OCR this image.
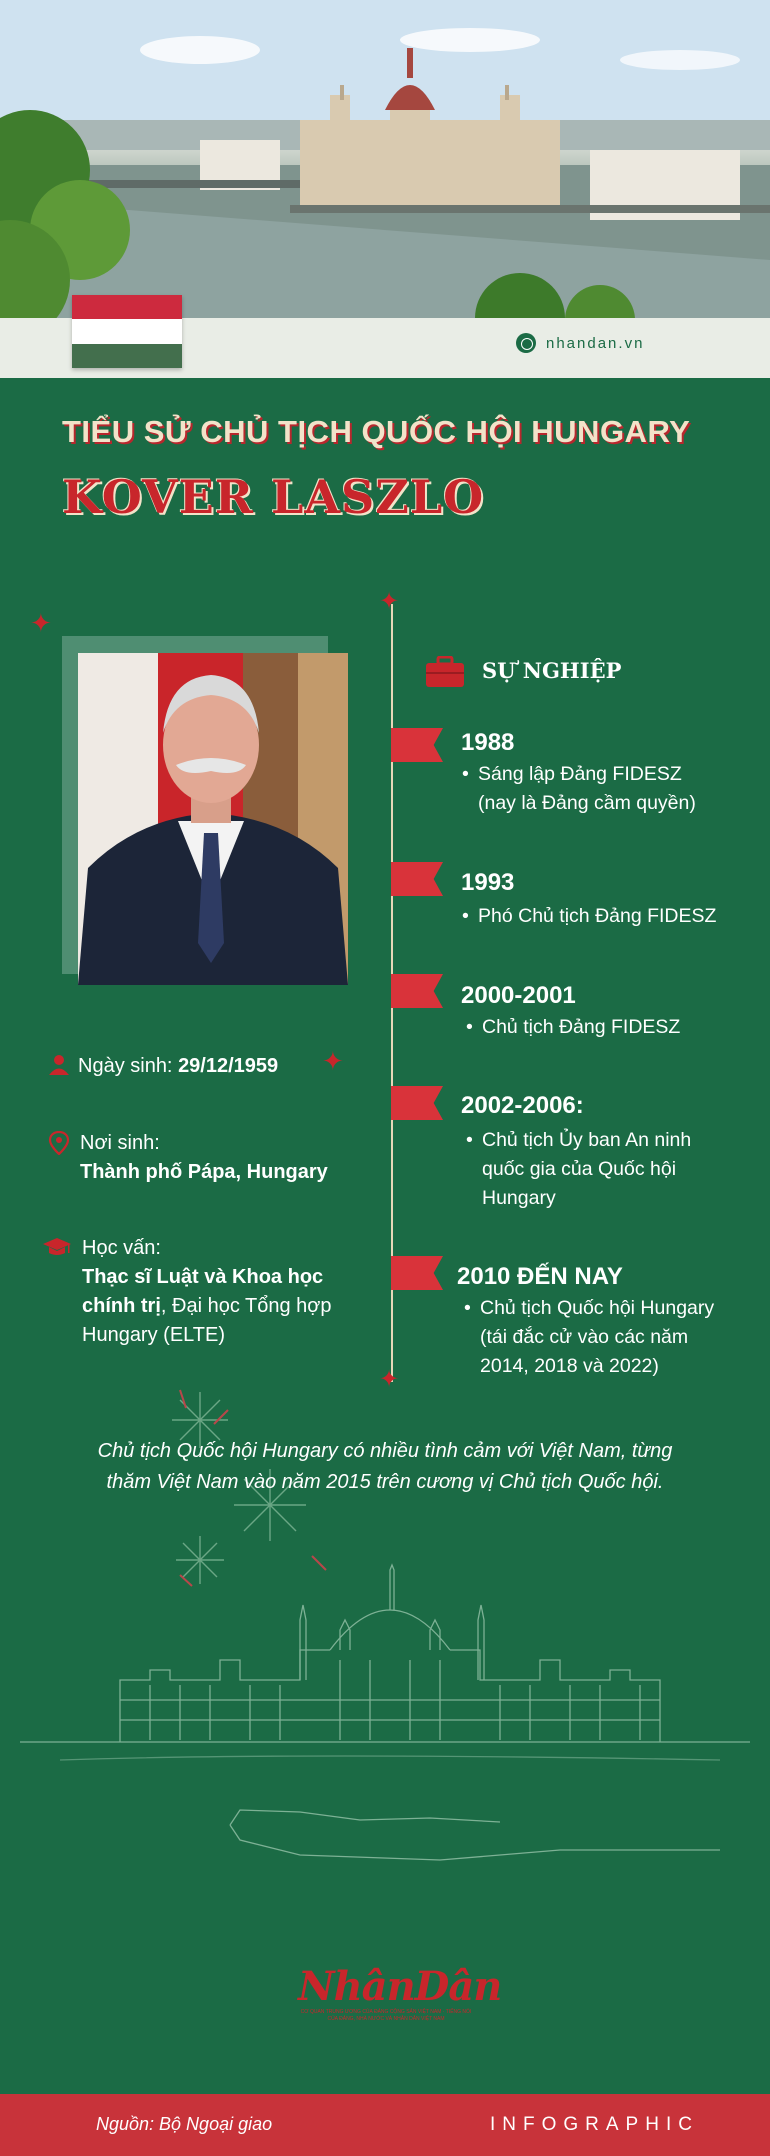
nhandan.vn
TIỂU SỬ CHỦ TỊCH QUỐC HỘI HUNGARY
KOVER LASZLO
✦
✦
Ngày sinh: 29/12/1959
Nơi sinh:
Thành phố Pápa, Hungary
Học vấn:
Thạc sĩ Luật và Khoa học
chính trị, Đại học Tổng hợp
Hungary (ELTE)
✦
✦
SỰ NGHIỆP
1988
• Sáng lập Đảng FIDESZ
(nay là Đảng cầm quyền)
1993
• Phó Chủ tịch Đảng FIDESZ
2000-2001
• Chủ tịch Đảng FIDESZ
2002-2006:
• Chủ tịch Ủy ban An ninh
quốc gia của Quốc hội
Hungary
2010 ĐẾN NAY
• Chủ tịch Quốc hội Hungary
(tái đắc cử vào các năm
2014, 2018 và 2022)
Chủ tịch Quốc hội Hungary có nhiều tình cảm với Việt Nam, từng
thăm Việt Nam vào năm 2015 trên cương vị Chủ tịch Quốc hội.
NhânDân
CƠ QUAN TRUNG ƯƠNG CỦA ĐẢNG CỘNG SẢN VIỆT NAM · TIẾNG NÓI CỦA ĐẢNG, NHÀ NƯỚC VÀ NHÂN DÂN VIỆT NAM
Nguồn: Bộ Ngoại giao	INFOGRAPHIC
